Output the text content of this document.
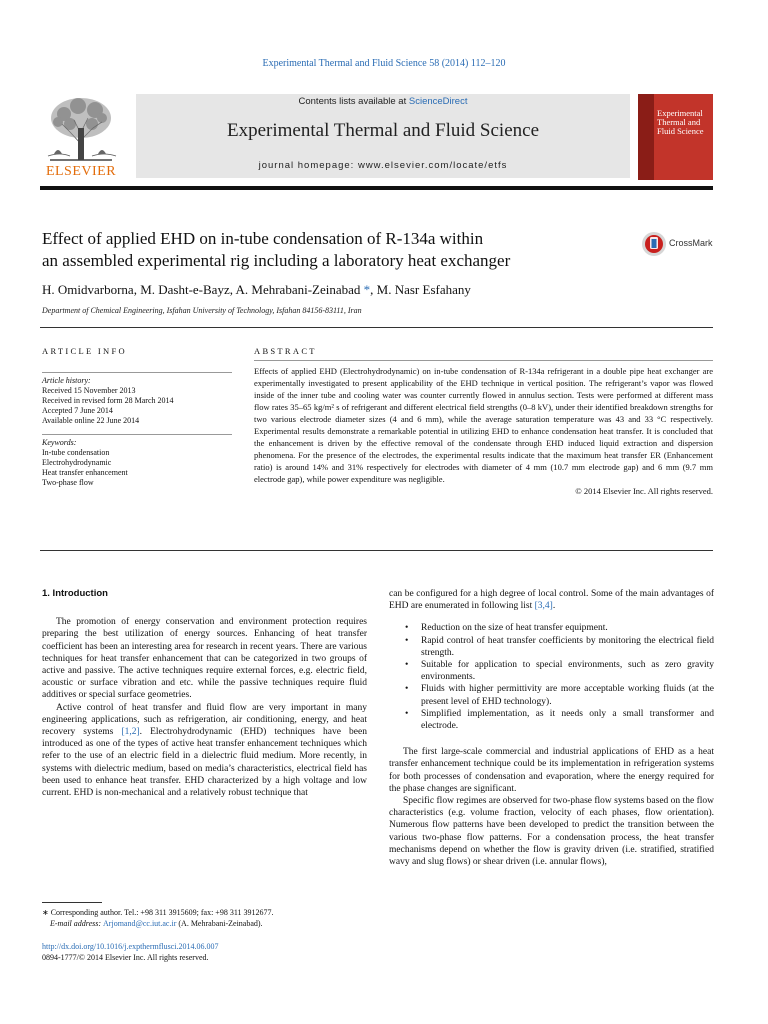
Experimental Thermal and Fluid Science 58 (2014) 112–120
ELSEVIER
Contents lists available at ScienceDirect
Experimental Thermal and Fluid Science
journal homepage: www.elsevier.com/locate/etfs
Experimental Thermal and Fluid Science
Effect of applied EHD on in-tube condensation of R-134a within
an assembled experimental rig including a laboratory heat exchanger
CrossMark
H. Omidvarborna, M. Dasht-e-Bayz, A. Mehrabani-Zeinabad *, M. Nasr Esfahany
Department of Chemical Engineering, Isfahan University of Technology, Isfahan 84156-83111, Iran
ARTICLE INFO	ABSTRACT
Article history:
Received 15 November 2013
Received in revised form 28 March 2014
Accepted 7 June 2014
Available online 22 June 2014
Keywords:
In-tube condensation
Electrohydrodynamic
Heat transfer enhancement
Two-phase flow
Effects of applied EHD (Electrohydrodynamic) on in-tube condensation of R-134a refrigerant in a double pipe heat exchanger are experimentally investigated to present applicability of the EHD technique in vertical position. The refrigerant’s vapor was flowed inside of the inner tube and cooling water was counter currently flowed in annulus section. Tests were performed at different mass flow rates 35–65 kg/m² s of refrigerant and different electrical field strengths (0–8 kV), under their identified breakdown strengths for two various electrode diameter sizes (4 and 6 mm), while the average saturation temperature was 43 and 33 °C respectively. Experimental results demonstrate a remarkable potential in utilizing EHD to enhance condensation heat transfer. It is concluded that the enhancement is driven by the effective removal of the condensate through EHD induced liquid extraction and dispersion phenomena. For the presence of the electrodes, the experimental results indicate that the maximum heat transfer ER (Enhancement ratio) is around 14% and 31% respectively for electrodes with diameter of 4 mm (10.7 mm electrode gap) and 6 mm (9.7 mm electrode gap), while power expenditure was negligible.
© 2014 Elsevier Inc. All rights reserved.
1. Introduction

The promotion of energy conservation and environment protection requires preparing the best utilization of energy sources. Enhancing of heat transfer coefficient has been an interesting area for research in recent years. There are various techniques for heat transfer enhancement that can be categorized in two groups of active and passive. The active techniques require external forces, e.g. electric field, acoustic or surface vibration and etc. while the passive techniques require fluid additives or special surface geometries.

Active control of heat transfer and fluid flow are very important in many engineering applications, such as refrigeration, air conditioning, energy, and heat recovery systems [1,2]. Electrohydrodynamic (EHD) techniques have been introduced as one of the types of active heat transfer enhancement techniques which refer to the use of an electric field in a dielectric fluid medium. More recently, in systems with dielectric medium, based on media’s characteristics, electrical field has been used to enhance heat transfer. EHD characterized by a high voltage and low current. EHD is non-mechanical and a relatively robust technique that

can be configured for a high degree of local control. Some of the main advantages of EHD are enumerated in following list [3,4].

• Reduction on the size of heat transfer equipment.
• Rapid control of heat transfer coefficients by monitoring the electrical field strength.
• Suitable for application to special environments, such as zero gravity environments.
• Fluids with higher permittivity are more acceptable working fluids (at the present level of EHD technology).
• Simplified implementation, as it needs only a small transformer and electrode.

The first large-scale commercial and industrial applications of EHD as a heat transfer enhancement technique could be its implementation in refrigeration systems for both processes of condensation and evaporation, where the energy required for the phase changes are significant.

Specific flow regimes are observed for two-phase flow systems based on the flow characteristics (e.g. volume fraction, velocity of each phases, flow orientation). Numerous flow patterns have been developed to predict the transition between the various two-phase flow patterns. For a condensation process, the heat transfer mechanisms depend on whether the flow is gravity driven (i.e. stratified, stratified wavy and slug flows) or shear driven (i.e. annular flows),

∗ Corresponding author. Tel.: +98 311 3915609; fax: +98 311 3912677.
E-mail address: Arjomand@cc.iut.ac.ir (A. Mehrabani-Zeinabad).
http://dx.doi.org/10.1016/j.expthermflusci.2014.06.007
0894-1777/© 2014 Elsevier Inc. All rights reserved.
